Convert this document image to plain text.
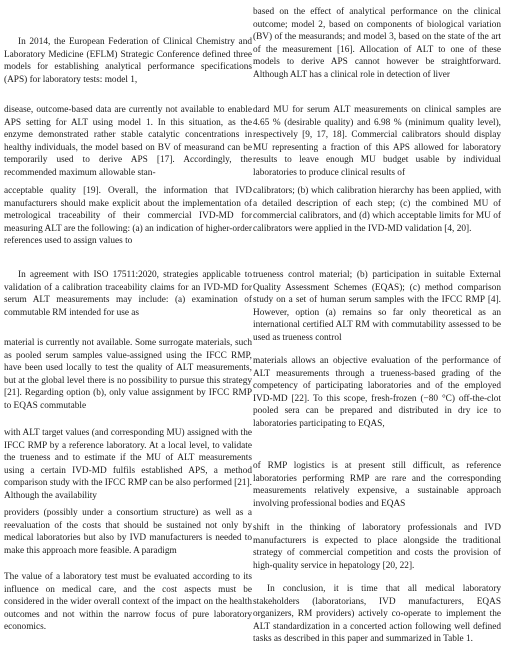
In 2014, the European Federation of Clinical Chemistry and Laboratory Medicine (EFLM) Strategic Conference defined three models for establishing analytical performance specifications (APS) for laboratory tests: model 1,

disease, outcome-based data are currently not available to enable APS setting for ALT using model 1. In this situation, as the enzyme demonstrated rather stable catalytic concentrations in healthy individuals, the model based on BV of measurand can be temporarily used to derive APS [17]. Accordingly, the recommended maximum allowable stan-

acceptable quality [19]. Overall, the information that IVD manufacturers should make explicit about the implementation of metrological traceability of their commercial IVD-MD for measuring ALT are the following: (a) an indication of higher-order references used to assign values to

In agreement with ISO 17511:2020, strategies applicable to validation of a calibration traceability claims for an IVD-MD for serum ALT measurements may include: (a) examination of commutable RM intended for use as

material is currently not available. Some surrogate materials, such as pooled serum samples value-assigned using the IFCC RMP, have been used locally to test the quality of ALT measurements, but at the global level there is no possibility to pursue this strategy [21]. Regarding option (b), only value assignment by IFCC RMP to EQAS commutable

with ALT target values (and corresponding MU) assigned with the IFCC RMP by a reference laboratory. At a local level, to validate the trueness and to estimate if the MU of ALT measurements using a certain IVD-MD fulfils established APS, a method comparison study with the IFCC RMP can be also performed [21]. Although the availability

providers (possibly under a consortium structure) as well as a reevaluation of the costs that should be sustained not only by medical laboratories but also by IVD manufacturers is needed to make this approach more feasible. A paradigm

The value of a laboratory test must be evaluated according to its influence on medical care, and the cost aspects must be considered in the wider overall context of the impact on the health outcomes and not within the narrow focus of pure laboratory economics.

based on the effect of analytical performance on the clinical outcome; model 2, based on components of biological variation (BV) of the measurands; and model 3, based on the state of the art of the measurement [16]. Allocation of ALT to one of these models to derive APS cannot however be straightforward. Although ALT has a clinical role in detection of liver

dard MU for serum ALT measurements on clinical samples are 4.65 % (desirable quality) and 6.98 % (minimum quality level), respectively [9, 17, 18]. Commercial calibrators should display MU representing a fraction of this APS allowed for laboratory results to leave enough MU budget usable by individual laboratories to produce clinical results of

calibrators; (b) which calibration hierarchy has been applied, with a detailed description of each step; (c) the combined MU of commercial calibrators, and (d) which acceptable limits for MU of calibrators were applied in the IVD-MD validation [4, 20].

trueness control material; (b) participation in suitable External Quality Assessment Schemes (EQAS); (c) method comparison study on a set of human serum samples with the IFCC RMP [4]. However, option (a) remains so far only theoretical as an international certified ALT RM with commutability assessed to be used as trueness control

materials allows an objective evaluation of the performance of ALT measurements through a trueness-based grading of the competency of participating laboratories and of the employed IVD-MD [22]. To this scope, fresh-frozen (−80 °C) off-the-clot pooled sera can be prepared and distributed in dry ice to laboratories participating to EQAS,

of RMP logistics is at present still difficult, as reference laboratories performing RMP are rare and the corresponding measurements relatively expensive, a sustainable approach involving professional bodies and EQAS

shift in the thinking of laboratory professionals and IVD manufacturers is expected to place alongside the traditional strategy of commercial competition and costs the provision of high-quality service in hepatology [20, 22].

In conclusion, it is time that all medical laboratory stakeholders (laboratorians, IVD manufacturers, EQAS organizers, RM providers) actively co-operate to implement the ALT standardization in a concerted action following well defined tasks as described in this paper and summarized in Table 1.
